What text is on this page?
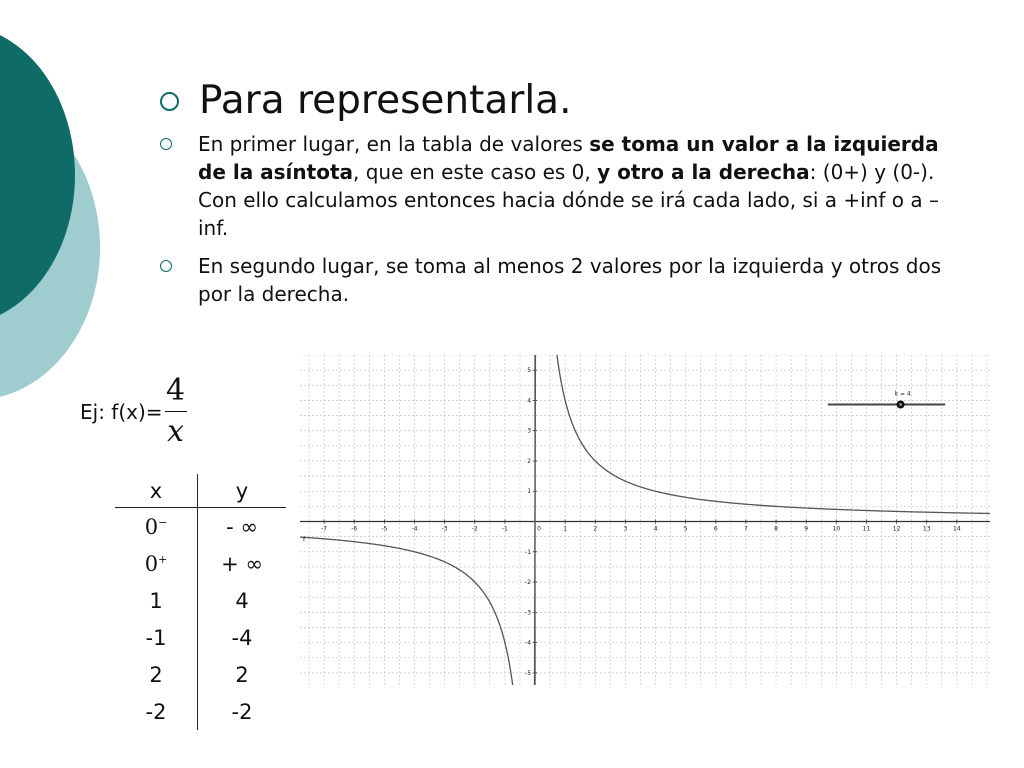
Para representarla.
En primer lugar, en la tabla de valores se toma un valor a la izquierda de la asíntota, que en este caso es 0, y otro a la derecha: (0+) y (0-). Con ello calculamos entonces hacia dónde se irá cada lado, si a +inf o a –inf.
En segundo lugar, se toma al menos 2 valores por la izquierda y otros dos por la derecha.
Ej: $f(x)= \frac{4}{x}$
x	y
0−	- ∞
0+	+ ∞
1	4
-1	-4
2	2
-2	-2
-7	-6	-5	-4	-3	-2	-1	0	1	2	3	4	5	6	7	8	9	10	11	12	13	14
5
4
3
2
1
-1
-2
-3
-4
-5
f
k = 4
